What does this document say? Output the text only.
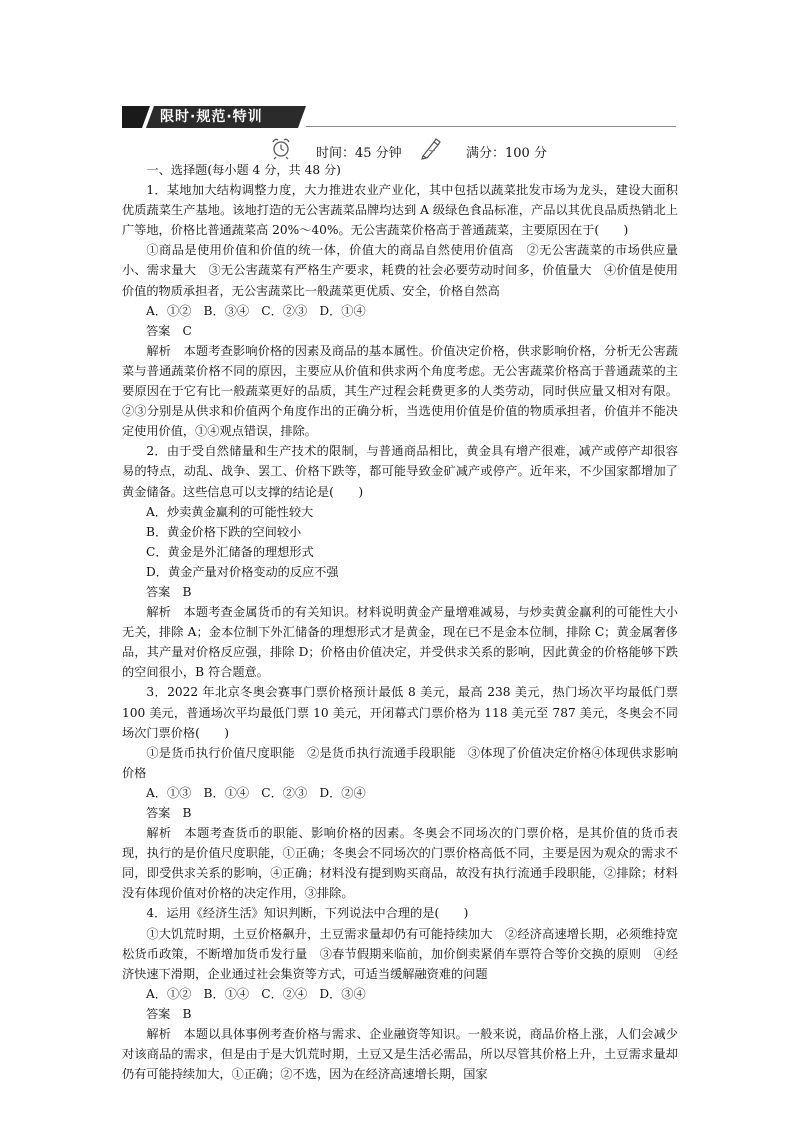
限时·规范·特训
时间：45 分钟	满分：100 分

一、选择题(每小题 4 分，共 48 分)

1．某地加大结构调整力度，大力推进农业产业化，其中包括以蔬菜批发市场为龙头，建设大面积优质蔬菜生产基地。该地打造的无公害蔬菜品牌均达到 A 级绿色食品标准，产品以其优良品质热销北上广等地，价格比普通蔬菜高 20%～40%。无公害蔬菜价格高于普通蔬菜，主要原因在于(　　)

①商品是使用价值和价值的统一体，价值大的商品自然使用价值高　②无公害蔬菜的市场供应量小、需求量大　③无公害蔬菜有严格生产要求，耗费的社会必要劳动时间多，价值量大　④价值是使用价值的物质承担者，无公害蔬菜比一般蔬菜更优质、安全，价格自然高

A．①②　B．③④　C．②③　D．①④

答案　C

解析　本题考查影响价格的因素及商品的基本属性。价值决定价格，供求影响价格，分析无公害蔬菜与普通蔬菜价格不同的原因，主要应从价值和供求两个角度考虑。无公害蔬菜价格高于普通蔬菜的主要原因在于它有比一般蔬菜更好的品质，其生产过程会耗费更多的人类劳动，同时供应量又相对有限。②③分别是从供求和价值两个角度作出的正确分析，当选使用价值是价值的物质承担者，价值并不能决定使用价值，①④观点错误，排除。

2．由于受自然储量和生产技术的限制，与普通商品相比，黄金具有增产很难，减产或停产却很容易的特点，动乱、战争、罢工、价格下跌等，都可能导致金矿减产或停产。近年来，不少国家都增加了黄金储备。这些信息可以支撑的结论是(　　)

A．炒卖黄金赢利的可能性较大

B．黄金价格下跌的空间较小

C．黄金是外汇储备的理想形式

D．黄金产量对价格变动的反应不强

答案　B

解析　本题考查金属货币的有关知识。材料说明黄金产量增难减易，与炒卖黄金赢利的可能性大小无关，排除 A；金本位制下外汇储备的理想形式才是黄金，现在已不是金本位制，排除 C；黄金属奢侈品，其产量对价格反应强，排除 D；价格由价值决定，并受供求关系的影响，因此黄金的价格能够下跌的空间很小，B 符合题意。

3．2022 年北京冬奥会赛事门票价格预计最低 8 美元，最高 238 美元，热门场次平均最低门票 100 美元，普通场次平均最低门票 10 美元，开闭幕式门票价格为 118 美元至 787 美元，冬奥会不同场次门票价格(　　)

①是货币执行价值尺度职能　②是货币执行流通手段职能　③体现了价值决定价格④体现供求影响价格

A．①③　B．①④　C．②③　D．②④

答案　B

解析　本题考查货币的职能、影响价格的因素。冬奥会不同场次的门票价格，是其价值的货币表现，执行的是价值尺度职能，①正确；冬奥会不同场次的门票价格高低不同，主要是因为观众的需求不同，即受供求关系的影响，④正确；材料没有提到购买商品，故没有执行流通手段职能，②排除；材料没有体现价值对价格的决定作用，③排除。

4．运用《经济生活》知识判断，下列说法中合理的是(　　)

①大饥荒时期，土豆价格飙升，土豆需求量却仍有可能持续加大　②经济高速增长期，必须维持宽松货币政策，不断增加货币发行量　③春节假期来临前，加价倒卖紧俏车票符合等价交换的原则　④经济快速下滑期，企业通过社会集资等方式，可适当缓解融资难的问题

A．①②　B．①④　C．②④　D．③④

答案　B

解析　本题以具体事例考查价格与需求、企业融资等知识。一般来说，商品价格上涨，人们会减少对该商品的需求，但是由于是大饥荒时期，土豆又是生活必需品，所以尽管其价格上升，土豆需求量却仍有可能持续加大，①正确；②不选，因为在经济高速增长期，国家
